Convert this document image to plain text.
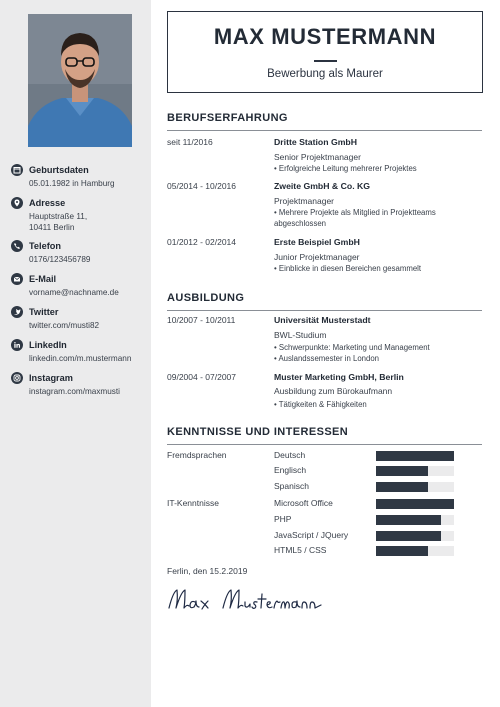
Geburtsdaten
05.01.1982 in Hamburg
Adresse
Hauptstraße 11,
10411 Berlin
Telefon
0176/123456789
E-Mail
vorname@nachname.de
Twitter
twitter.com/musti82
LinkedIn
linkedin.com/m.mustermann
Instagram
instagram.com/maxmusti
MAX MUSTERMANN
Bewerbung als Maurer
BERUFSERFAHRUNG
seit 11/2016	Dritte Station GmbH
Senior Projektmanager
• Erfolgreiche Leitung mehrerer Projektes
05/2014 - 10/2016	Zweite GmbH & Co. KG
Projektmanager
• Mehrere Projekte als Mitglied in Projektteams
abgeschlossen
01/2012 - 02/2014	Erste Beispiel GmbH
Junior Projektmanager
• Einblicke in diesen Bereichen gesammelt
AUSBILDUNG
10/2007 - 10/2011	Universität Musterstadt
BWL-Studium
• Schwerpunkte: Marketing und Management
• Auslandssemester in London
09/2004 - 07/2007	Muster Marketing GmbH, Berlin
Ausbildung zum Bürokaufmann
• Tätigkeiten & Fähigkeiten
KENNTNISSE UND INTERESSEN
Fremdsprachen	Deutsch
Englisch
Spanisch
IT-Kenntnisse	Microsoft Office
PHP
JavaScript / JQuery
HTML5 / CSS
Ferlin, den 15.2.2019
